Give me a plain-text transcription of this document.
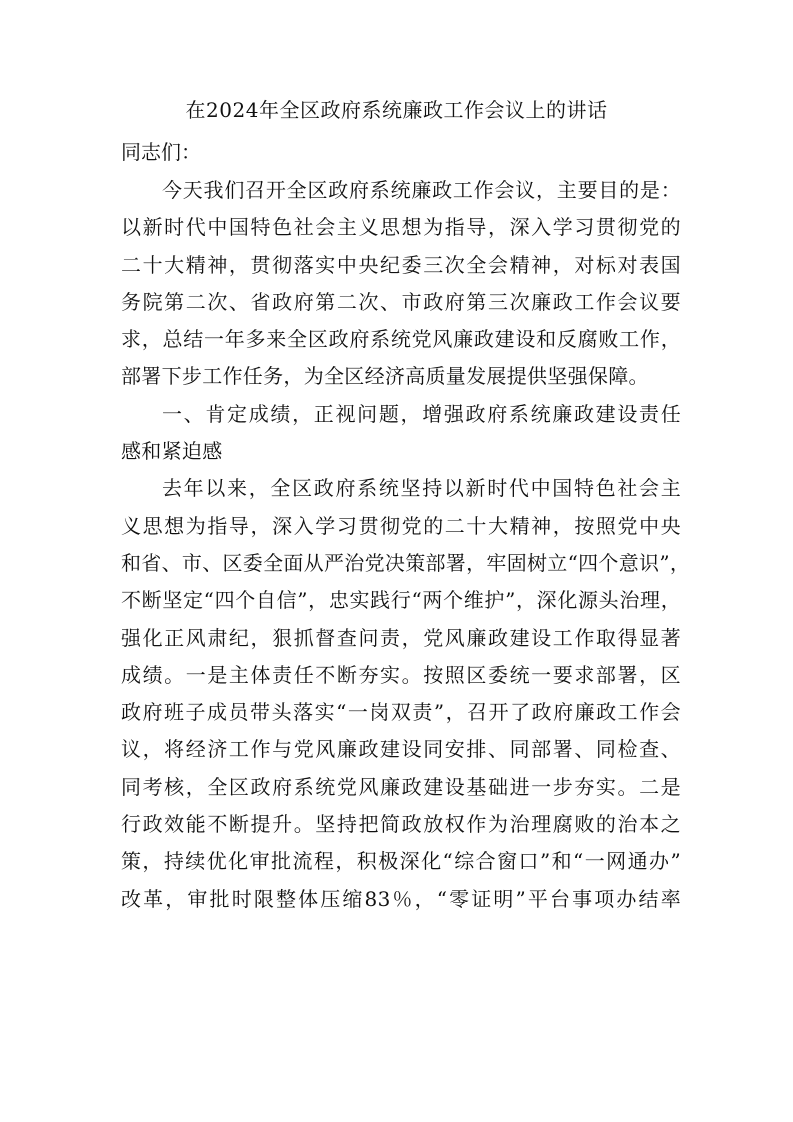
在2024年全区政府系统廉政工作会议上的讲话
同志们：
今天我们召开全区政府系统廉政工作会议，主要目的是：
以新时代中国特色社会主义思想为指导，深入学习贯彻党的
二十大精神，贯彻落实中央纪委三次全会精神，对标对表国
务院第二次、省政府第二次、市政府第三次廉政工作会议要
求，总结一年多来全区政府系统党风廉政建设和反腐败工作，
部署下步工作任务，为全区经济高质量发展提供坚强保障。
一、肯定成绩，正视问题，增强政府系统廉政建设责任
感和紧迫感
去年以来，全区政府系统坚持以新时代中国特色社会主
义思想为指导，深入学习贯彻党的二十大精神，按照党中央
和省、市、区委全面从严治党决策部署，牢固树立“四个意识”，
不断坚定“四个自信”，忠实践行“两个维护”，深化源头治理，
强化正风肃纪，狠抓督查问责，党风廉政建设工作取得显著
成绩。一是主体责任不断夯实。按照区委统一要求部署，区
政府班子成员带头落实“一岗双责”，召开了政府廉政工作会
议，将经济工作与党风廉政建设同安排、同部署、同检查、
同考核，全区政府系统党风廉政建设基础进一步夯实。二是
行政效能不断提升。坚持把简政放权作为治理腐败的治本之
策，持续优化审批流程，积极深化“综合窗口”和“一网通办”
改革，审批时限整体压缩83％，“零证明”平台事项办结率
